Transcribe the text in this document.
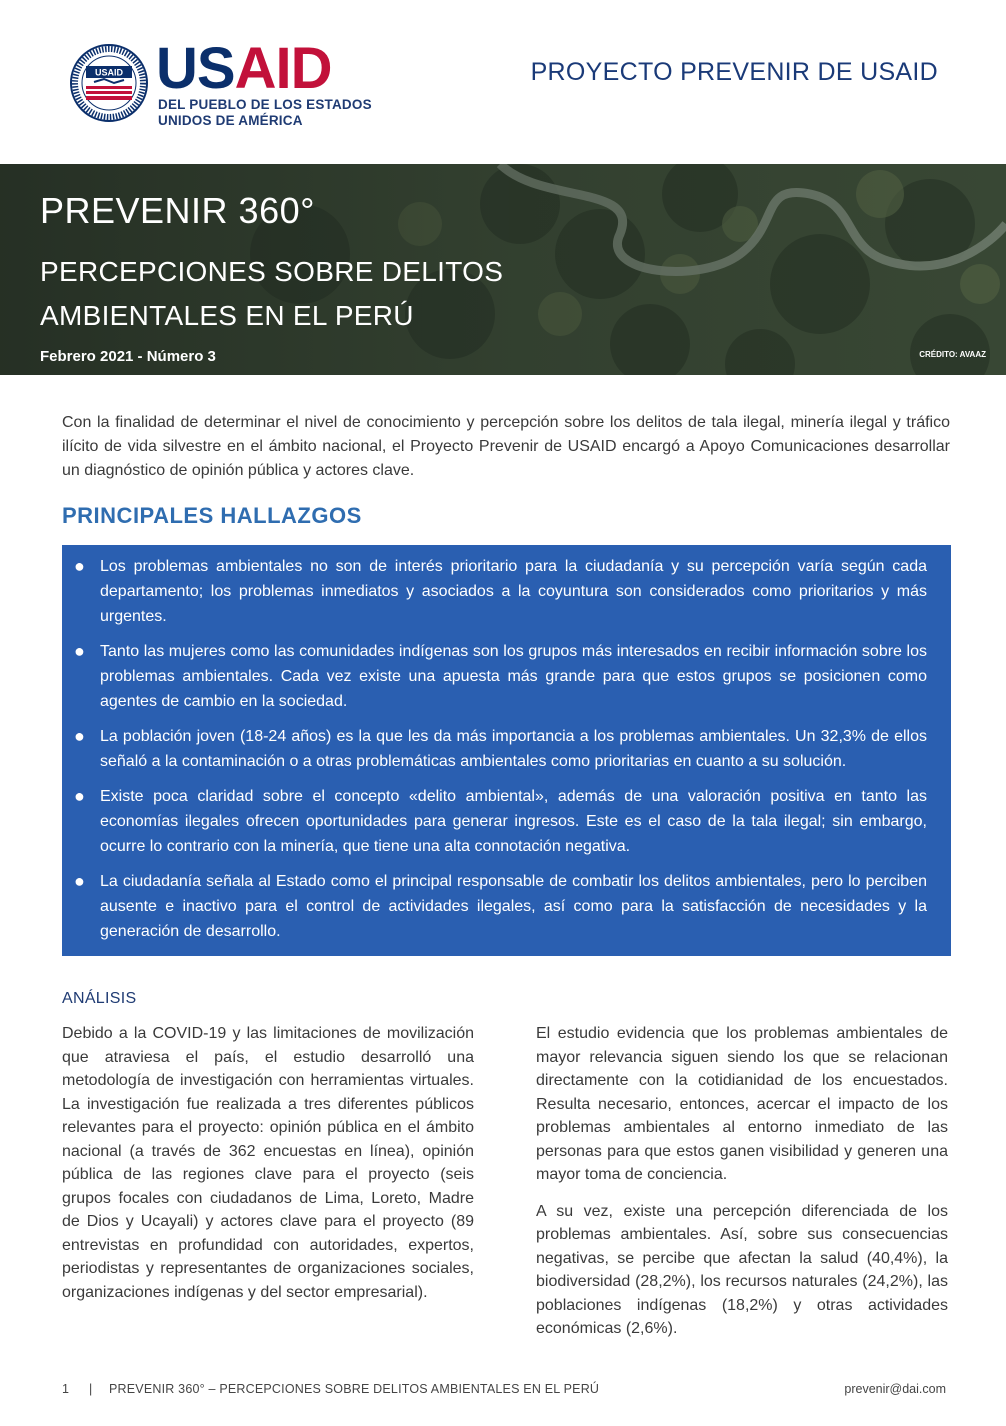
USAID USAID
DEL PUEBLO DE LOS ESTADOS
UNIDOS DE AMÉRICA
PROYECTO PREVENIR DE USAID
PREVENIR 360°
PERCEPCIONES SOBRE DELITOS
AMBIENTALES EN EL PERÚ
Febrero 2021 - Número 3	CRÉDITO: AVAAZ
Con la finalidad de determinar el nivel de conocimiento y percepción sobre los delitos de tala ilegal, minería ilegal y tráfico ilícito de vida silvestre en el ámbito nacional, el Proyecto Prevenir de USAID encargó a Apoyo Comunicaciones desarrollar un diagnóstico de opinión pública y actores clave.
PRINCIPALES HALLAZGOS
● Los problemas ambientales no son de interés prioritario para la ciudadanía y su percepción varía según cada departamento; los problemas inmediatos y asociados a la coyuntura son considerados como prioritarios y más urgentes.
● Tanto las mujeres como las comunidades indígenas son los grupos más interesados en recibir información sobre los problemas ambientales. Cada vez existe una apuesta más grande para que estos grupos se posicionen como agentes de cambio en la sociedad.
● La población joven (18-24 años) es la que les da más importancia a los problemas ambientales. Un 32,3% de ellos señaló a la contaminación o a otras problemáticas ambientales como prioritarias en cuanto a su solución.
● Existe poca claridad sobre el concepto «delito ambiental», además de una valoración positiva en tanto las economías ilegales ofrecen oportunidades para generar ingresos. Este es el caso de la tala ilegal; sin embargo, ocurre lo contrario con la minería, que tiene una alta connotación negativa.
● La ciudadanía señala al Estado como el principal responsable de combatir los delitos ambientales, pero lo perciben ausente e inactivo para el control de actividades ilegales, así como para la satisfacción de necesidades y la generación de desarrollo.
ANÁLISIS

Debido a la COVID-19 y las limitaciones de movilización que atraviesa el país, el estudio desarrolló una metodología de investigación con herramientas virtuales. La investigación fue realizada a tres diferentes públicos relevantes para el proyecto: opinión pública en el ámbito nacional (a través de 362 encuestas en línea), opinión pública de las regiones clave para el proyecto (seis grupos focales con ciudadanos de Lima, Loreto, Madre de Dios y Ucayali) y actores clave para el proyecto (89 entrevistas en profundidad con autoridades, expertos, periodistas y representantes de organizaciones sociales, organizaciones indígenas y del sector empresarial).

El estudio evidencia que los problemas ambientales de mayor relevancia siguen siendo los que se relacionan directamente con la cotidianidad de los encuestados. Resulta necesario, entonces, acercar el impacto de los problemas ambientales al entorno inmediato de las personas para que estos ganen visibilidad y generen una mayor toma de conciencia.

A su vez, existe una percepción diferenciada de los problemas ambientales. Así, sobre sus consecuencias negativas, se percibe que afectan la salud (40,4%), la biodiversidad (28,2%), los recursos naturales (24,2%), las poblaciones indígenas (18,2%) y otras actividades económicas (2,6%).

1 | PREVENIR 360° – PERCEPCIONES SOBRE DELITOS AMBIENTALES EN EL PERÚ	prevenir@dai.com
